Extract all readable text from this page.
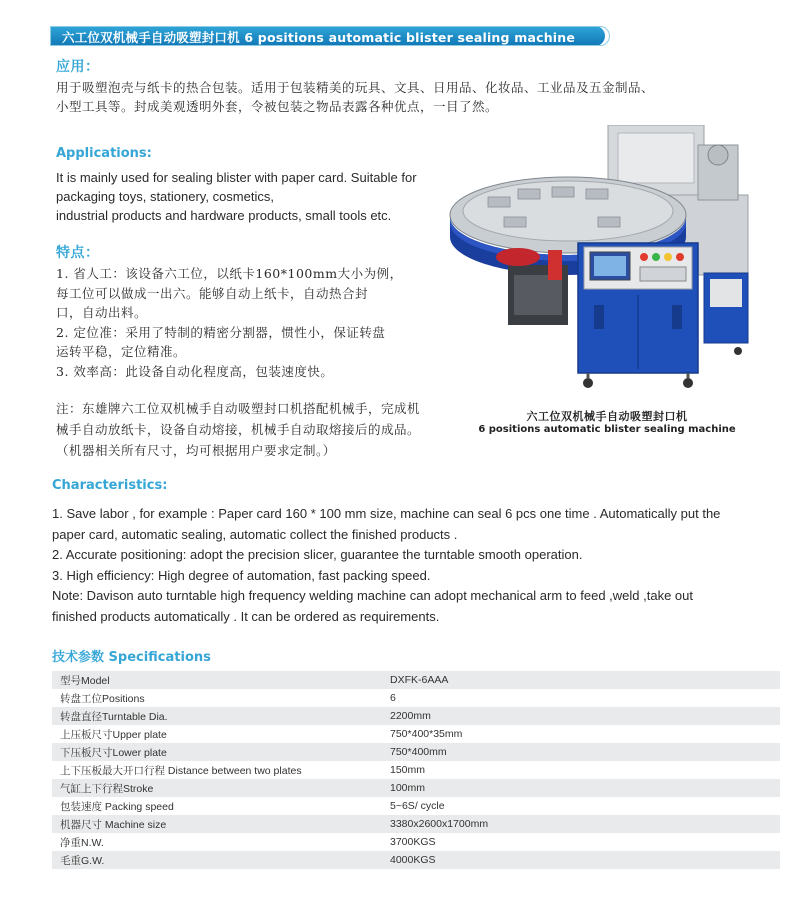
六工位双机械手自动吸塑封口机 6 positions automatic blister sealing machine
应用：
用于吸塑泡壳与纸卡的热合包装。适用于包装精美的玩具、文具、日用品、化妆品、工业品及五金制品、
小型工具等。封成美观透明外套，令被包装之物品表露各种优点，一目了然。
Applications:
It is mainly used for sealing blister with paper card. Suitable for
packaging toys, stationery, cosmetics,
industrial products and hardware products, small tools etc.
特点：
1. 省人工：该设备六工位，以纸卡160*100mm大小为例，
每工位可以做成一出六。能够自动上纸卡，自动热合封
口，自动出料。
2. 定位准：采用了特制的精密分割器，惯性小，保证转盘
运转平稳，定位精准。
3. 效率高：此设备自动化程度高，包装速度快。
注：东雄牌六工位双机械手自动吸塑封口机搭配机械手，完成机
械手自动放纸卡，设备自动熔接，机械手自动取熔接后的成品。
（机器相关所有尺寸，均可根据用户要求定制。）
六工位双机械手自动吸塑封口机
6 positions automatic blister sealing machine
Characteristics:
1. Save labor , for example : Paper card 160 * 100 mm size, machine can seal 6 pcs one time . Automatically put the
paper card, automatic sealing, automatic collect the finished products .
2. Accurate positioning: adopt the precision slicer, guarantee the turntable smooth operation.
3. High efficiency: High degree of automation, fast packing speed.
Note: Davison auto turntable high frequency welding machine can adopt mechanical arm to feed ,weld ,take out
finished products automatically . It can be ordered as requirements.
技术参数 Specifications
型号Model	DXFK-6AAA
转盘工位Positions	6
转盘直径Turntable Dia.	2200mm
上压板尺寸Upper plate	750*400*35mm
下压板尺寸Lower plate	750*400mm
上下压板最大开口行程 Distance between two plates	150mm
气缸上下行程Stroke	100mm
包装速度 Packing speed	5~6S/ cycle
机器尺寸 Machine size	3380x2600x1700mm
净重N.W.	3700KGS
毛重G.W.	4000KGS
